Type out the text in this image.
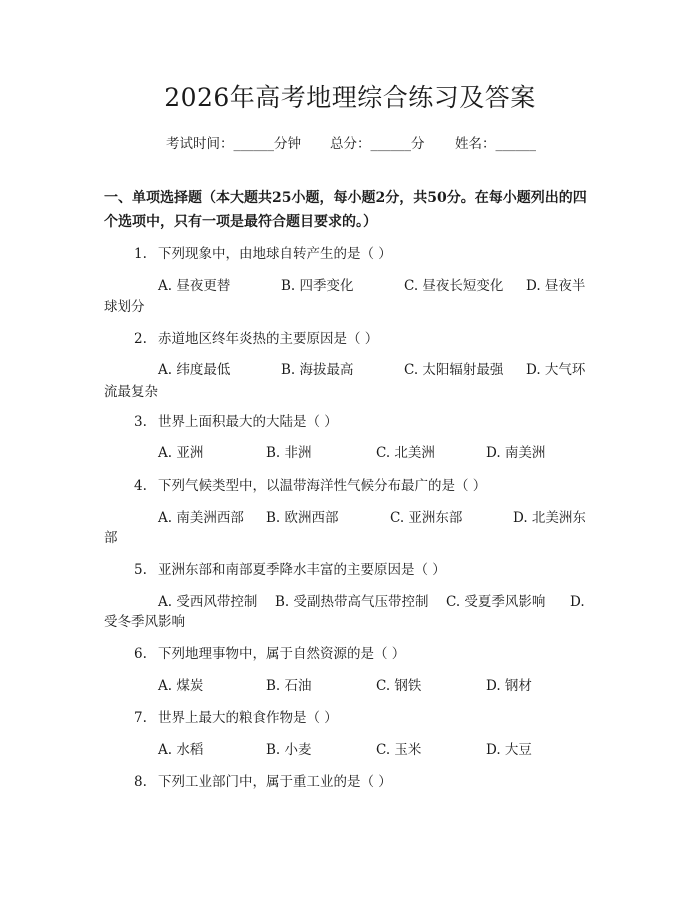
2026年高考地理综合练习及答案
考试时间：______分钟 总分：______分 姓名：______
一、单项选择题（本大题共25小题，每小题2分，共50分。在每小题列出的四
个选项中，只有一项是最符合题目要求的。）
1. 下列现象中，由地球自转产生的是（ ）
A. 昼夜更替	B. 四季变化	C. 昼夜长短变化 D. 昼夜半
球划分
2. 赤道地区终年炎热的主要原因是（ ）
A. 纬度最低	B. 海拔最高	C. 太阳辐射最强 D. 大气环
流最复杂
3. 世界上面积最大的大陆是（ ）
A. 亚洲	B. 非洲	C. 北美洲	D. 南美洲
4. 下列气候类型中，以温带海洋性气候分布最广的是（ ）
A. 南美洲西部 B. 欧洲西部	C. 亚洲东部	D. 北美洲东
部
5. 亚洲东部和南部夏季降水丰富的主要原因是（ ）
A. 受西风带控制 B. 受副热带高气压带控制 C. 受夏季风影响 D.
受冬季风影响
6. 下列地理事物中，属于自然资源的是（ ）
A. 煤炭	B. 石油	C. 钢铁	D. 钢材
7. 世界上最大的粮食作物是（ ）
A. 水稻	B. 小麦	C. 玉米	D. 大豆
8. 下列工业部门中，属于重工业的是（ ）
